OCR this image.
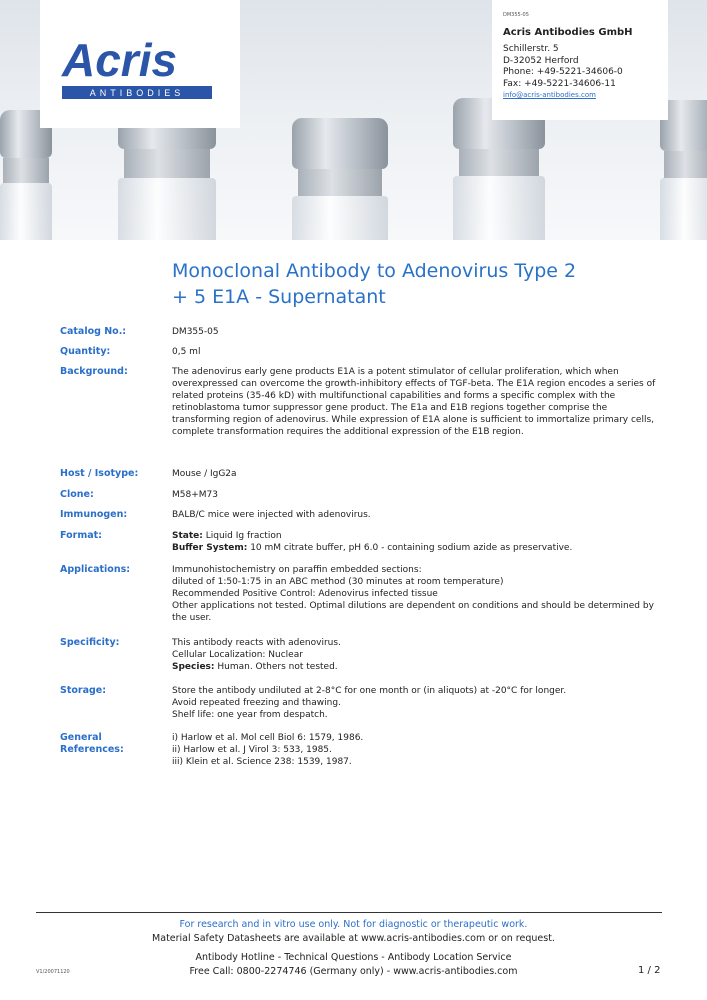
Acris
ANTIBODIES
DM355-05
Acris Antibodies GmbH
Schillerstr. 5
D-32052 Herford
Phone: +49-5221-34606-0
Fax: +49-5221-34606-11
info@acris-antibodies.com
Monoclonal Antibody to Adenovirus Type 2
+ 5 E1A - Supernatant
Catalog No.:	DM355-05
Quantity:	0,5 ml
Background:	The adenovirus early gene products E1A is a potent stimulator of cellular proliferation, which when overexpressed can overcome the growth-inhibitory effects of TGF-beta. The E1A region encodes a series of related proteins (35-46 kD) with multifunctional capabilities and forms a specific complex with the retinoblastoma tumor suppressor gene product. The E1a and E1B regions together comprise the transforming region of adenovirus. While expression of E1A alone is sufficient to immortalize primary cells, complete transformation requires the additional expression of the E1B region.
Host / Isotype:	Mouse / IgG2a
Clone:	M58+M73
Immunogen:	BALB/C mice were injected with adenovirus.
Format:	State: Liquid Ig fraction
Buffer System: 10 mM citrate buffer, pH 6.0 - containing sodium azide as preservative.
Applications:	Immunohistochemistry on paraffin embedded sections:
diluted of 1:50-1:75 in an ABC method (30 minutes at room temperature)
Recommended Positive Control: Adenovirus infected tissue
Other applications not tested. Optimal dilutions are dependent on conditions and should be determined by the user.
Specificity:	This antibody reacts with adenovirus.
Cellular Localization: Nuclear
Species: Human. Others not tested.
Storage:	Store the antibody undiluted at 2-8°C for one month or (in aliquots) at -20°C for longer.
Avoid repeated freezing and thawing.
Shelf life: one year from despatch.
General
References:
i) Harlow et al. Mol cell Biol 6: 1579, 1986.
ii) Harlow et al. J Virol 3: 533, 1985.
iii) Klein et al. Science 238: 1539, 1987.
For research and in vitro use only. Not for diagnostic or therapeutic work.
Material Safety Datasheets are available at www.acris-antibodies.com or on request.
Antibody Hotline - Technical Questions - Antibody Location Service
Free Call: 0800-2274746 (Germany only) - www.acris-antibodies.com
V1/20071120	1 / 2
